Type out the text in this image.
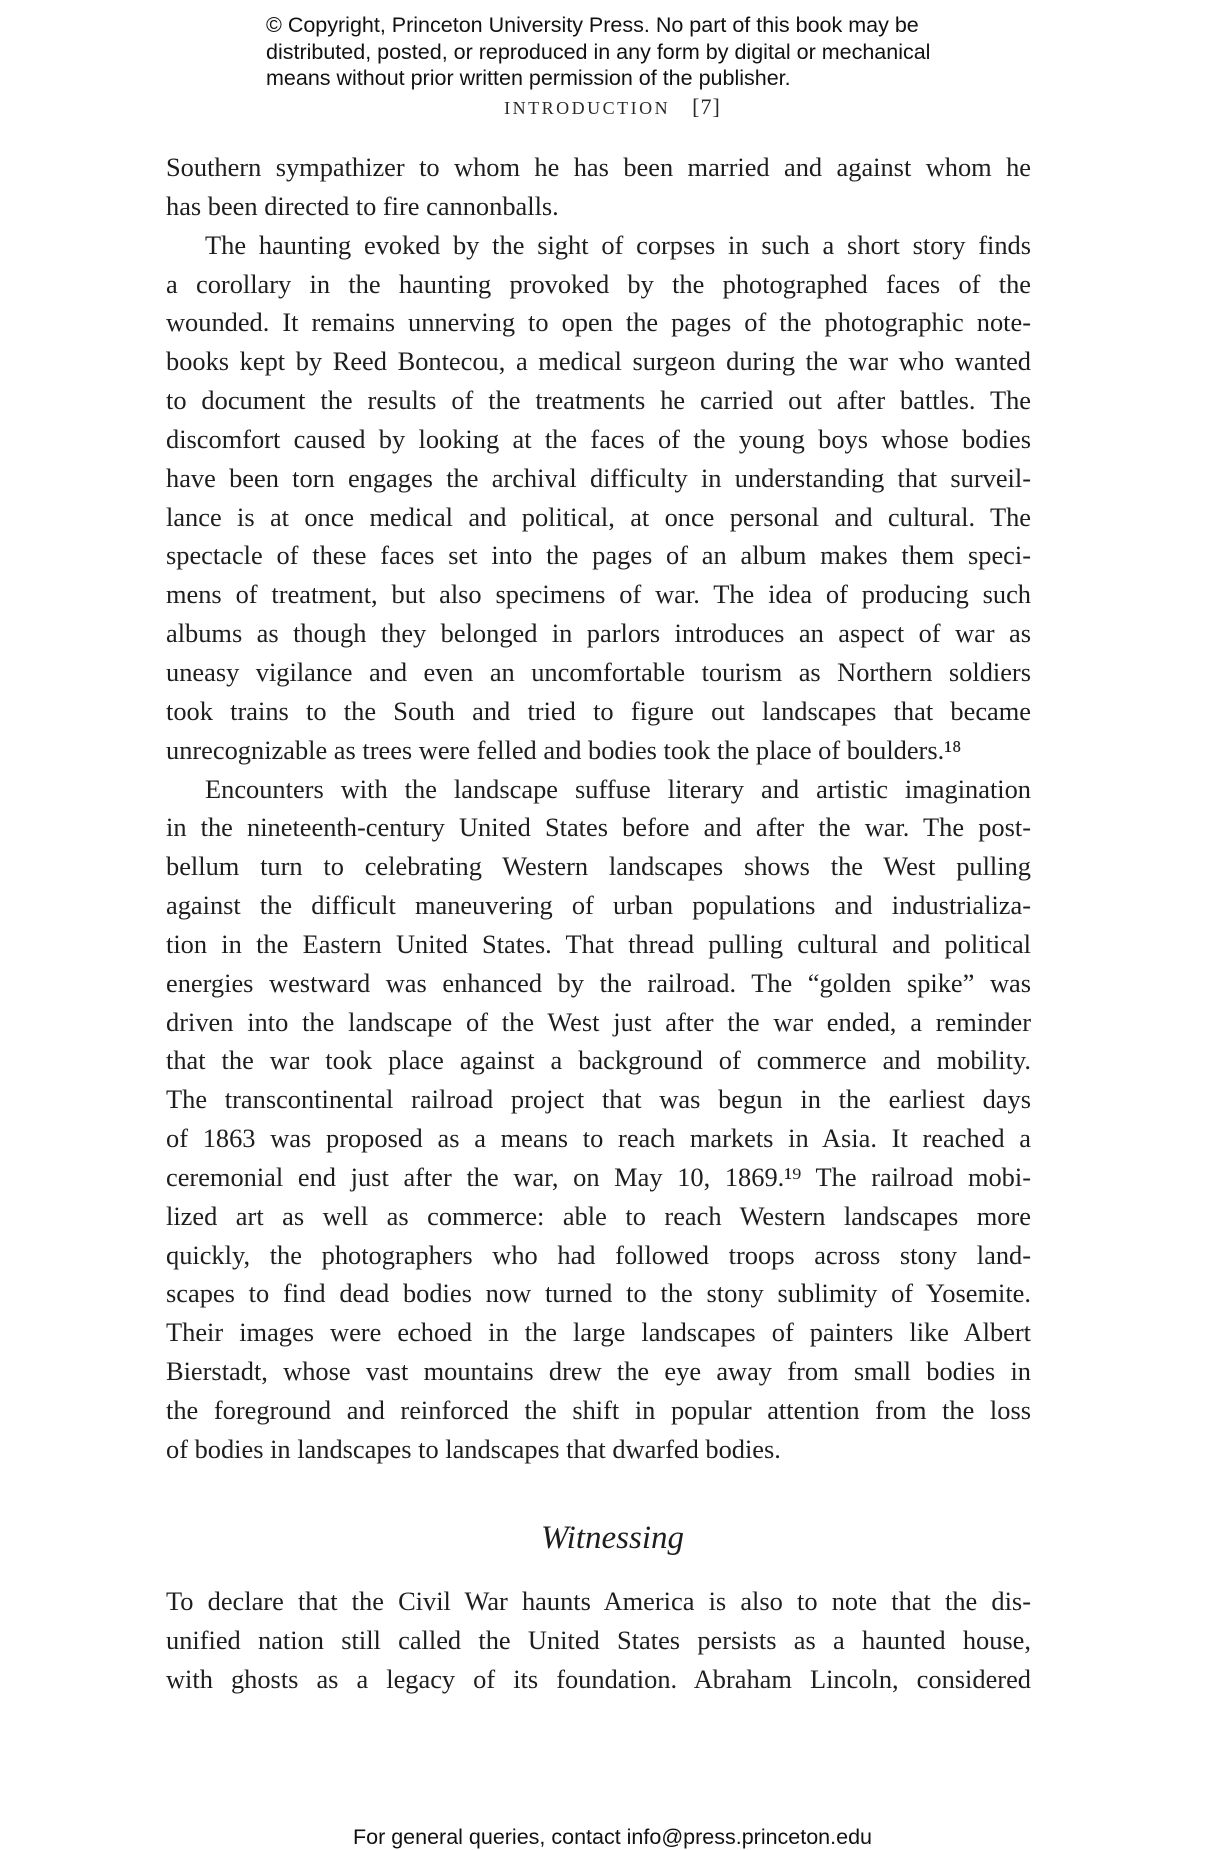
© Copyright, Princeton University Press. No part of this book may be
distributed, posted, or reproduced in any form by digital or mechanical
means without prior written permission of the publisher.
INTRODUCTION [7]
Southern sympathizer to whom he has been married and against whom he
has been directed to fire cannonballs.
The haunting evoked by the sight of corpses in such a short story finds
a corollary in the haunting provoked by the photographed faces of the
wounded. It remains unnerving to open the pages of the photographic note-
books kept by Reed Bontecou, a medical surgeon during the war who wanted
to document the results of the treatments he carried out after battles. The
discomfort caused by looking at the faces of the young boys whose bodies
have been torn engages the archival difficulty in understanding that surveil-
lance is at once medical and political, at once personal and cultural. The
spectacle of these faces set into the pages of an album makes them speci-
mens of treatment, but also specimens of war. The idea of producing such
albums as though they belonged in parlors introduces an aspect of war as
uneasy vigilance and even an uncomfortable tourism as Northern soldiers
took trains to the South and tried to figure out landscapes that became
unrecognizable as trees were felled and bodies took the place of boulders.¹⁸
Encounters with the landscape suffuse literary and artistic imagination
in the nineteenth-century United States before and after the war. The post-
bellum turn to celebrating Western landscapes shows the West pulling
against the difficult maneuvering of urban populations and industrializa-
tion in the Eastern United States. That thread pulling cultural and political
energies westward was enhanced by the railroad. The “golden spike” was
driven into the landscape of the West just after the war ended, a reminder
that the war took place against a background of commerce and mobility.
The transcontinental railroad project that was begun in the earliest days
of 1863 was proposed as a means to reach markets in Asia. It reached a
ceremonial end just after the war, on May 10, 1869.¹⁹ The railroad mobi-
lized art as well as commerce: able to reach Western landscapes more
quickly, the photographers who had followed troops across stony land-
scapes to find dead bodies now turned to the stony sublimity of Yosemite.
Their images were echoed in the large landscapes of painters like Albert
Bierstadt, whose vast mountains drew the eye away from small bodies in
the foreground and reinforced the shift in popular attention from the loss
of bodies in landscapes to landscapes that dwarfed bodies.
Witnessing
To declare that the Civil War haunts America is also to note that the dis-
unified nation still called the United States persists as a haunted house,
with ghosts as a legacy of its foundation. Abraham Lincoln, considered
For general queries, contact info@press.princeton.edu
